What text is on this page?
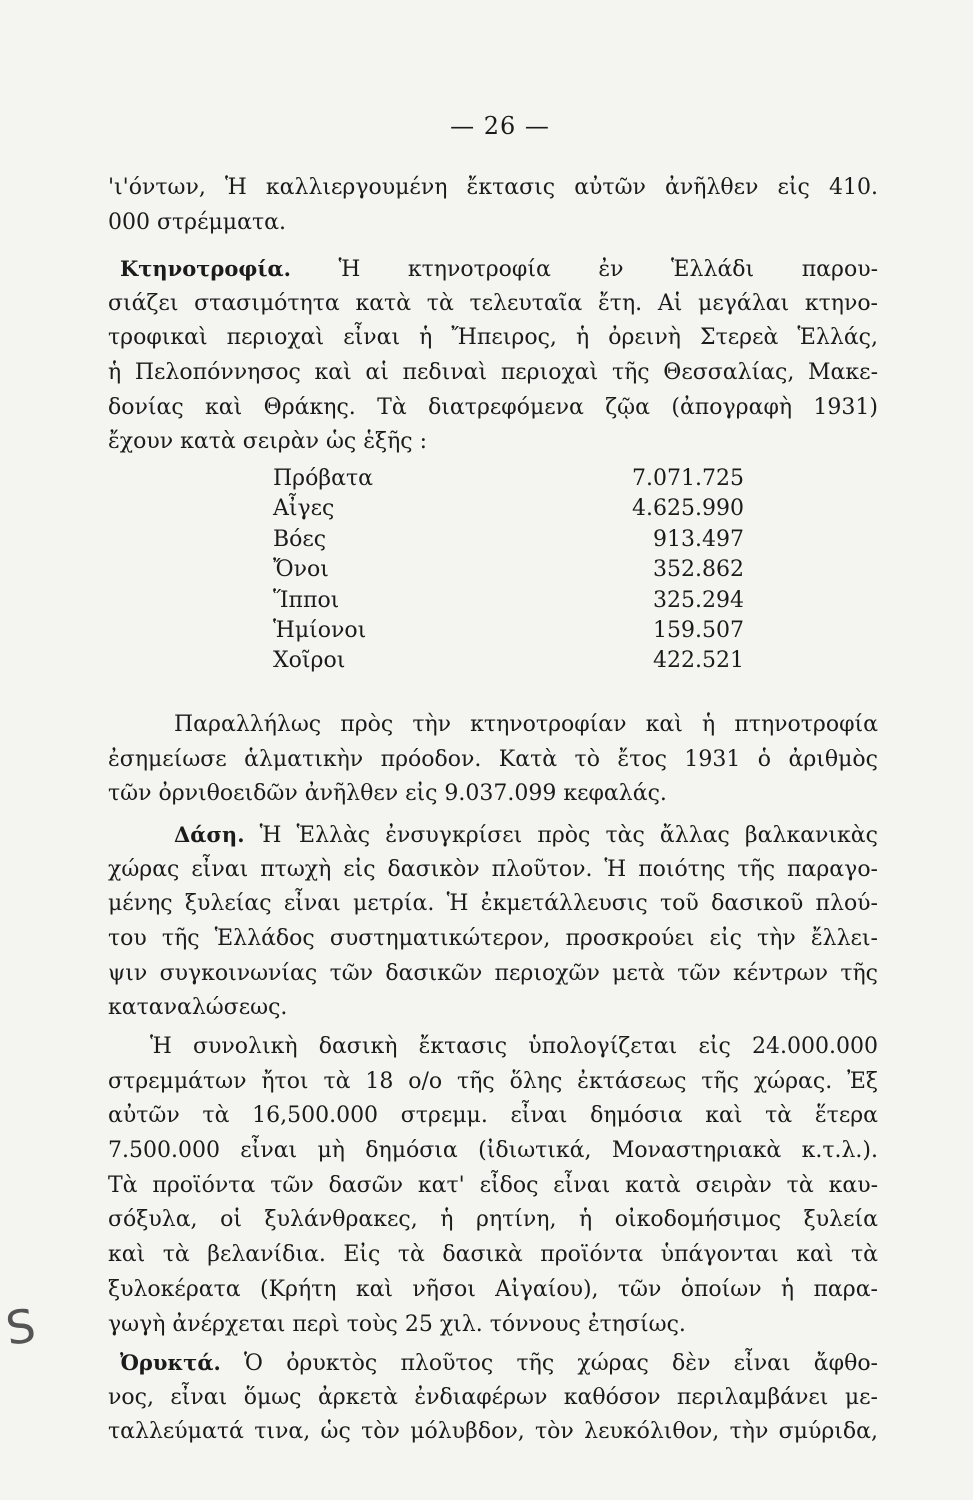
— 26 —
'ι'όντων, Ἡ καλλιεργουμένη ἔκτασις αὐτῶν ἀνῆλθεν εἰς 410.
000 στρέμματα.
Κτηνοτροφία. Ἡ κτηνοτροφία ἐν Ἑλλάδι παρου-
σιάζει στασιμότητα κατὰ τὰ τελευταῖα ἔτη. Αἱ μεγάλαι κτηνο-
τροφικαὶ περιοχαὶ εἶναι ἡ Ἤπειρος, ἡ ὀρεινὴ Στερεὰ Ἑλλάς,
ἡ Πελοπόννησος καὶ αἱ πεδιναὶ περιοχαὶ τῆς Θεσσαλίας, Μακε-
δονίας καὶ Θράκης. Τὰ διατρεφόμενα ζῷα (ἀπογραφὴ 1931)
ἔχουν κατὰ σειρὰν ὡς ἑξῆς :
Πρόβατα	7.071.725
Αἶγες	4.625.990
Βόες	913.497
Ὄνοι	352.862
Ἵπποι	325.294
Ἡμίονοι	159.507
Χοῖροι	422.521
Παραλλήλως πρὸς τὴν κτηνοτροφίαν καὶ ἡ πτηνοτροφία
ἐσημείωσε ἁλματικὴν πρόοδον. Κατὰ τὸ ἔτος 1931 ὁ ἀριθμὸς
τῶν ὀρνιθοειδῶν ἀνῆλθεν εἰς 9.037.099 κεφαλάς.
Δάση. Ἡ Ἑλλὰς ἐνσυγκρίσει πρὸς τὰς ἄλλας βαλκανικὰς
χώρας εἶναι πτωχὴ εἰς δασικὸν πλοῦτον. Ἡ ποιότης τῆς παραγο-
μένης ξυλείας εἶναι μετρία. Ἡ ἐκμετάλλευσις τοῦ δασικοῦ πλού-
του τῆς Ἑλλάδος συστηματικώτερον, προσκρούει εἰς τὴν ἔλλει-
ψιν συγκοινωνίας τῶν δασικῶν περιοχῶν μετὰ τῶν κέντρων τῆς
καταναλώσεως.
Ἡ συνολικὴ δασικὴ ἔκτασις ὑπολογίζεται εἰς 24.000.000
στρεμμάτων ἤτοι τὰ 18 ο/ο τῆς ὅλης ἐκτάσεως τῆς χώρας. Ἐξ
αὐτῶν τὰ 16,500.000 στρεμμ. εἶναι δημόσια καὶ τὰ ἕτερα
7.500.000 εἶναι μὴ δημόσια (ἰδιωτικά, Μοναστηριακὰ κ.τ.λ.).
Τὰ προϊόντα τῶν δασῶν κατ' εἶδος εἶναι κατὰ σειρὰν τὰ καυ-
σόξυλα, οἱ ξυλάνθρακες, ἡ ρητίνη, ἡ οἰκοδομήσιμος ξυλεία
καὶ τὰ βελανίδια. Εἰς τὰ δασικὰ προϊόντα ὑπάγονται καὶ τὰ
ξυλοκέρατα (Κρήτη καὶ νῆσοι Αἰγαίου), τῶν ὁποίων ἡ παρα-
γωγὴ ἀνέρχεται περὶ τοὺς 25 χιλ. τόννους ἐτησίως.
Ὀρυκτά. Ὁ ὀρυκτὸς πλοῦτος τῆς χώρας δὲν εἶναι ἄφθο-
νος, εἶναι ὅμως ἀρκετὰ ἐνδιαφέρων καθόσον περιλαμβάνει με-
ταλλεύματά τινα, ὡς τὸν μόλυβδον, τὸν λευκόλιθον, τὴν σμύριδα,
S
